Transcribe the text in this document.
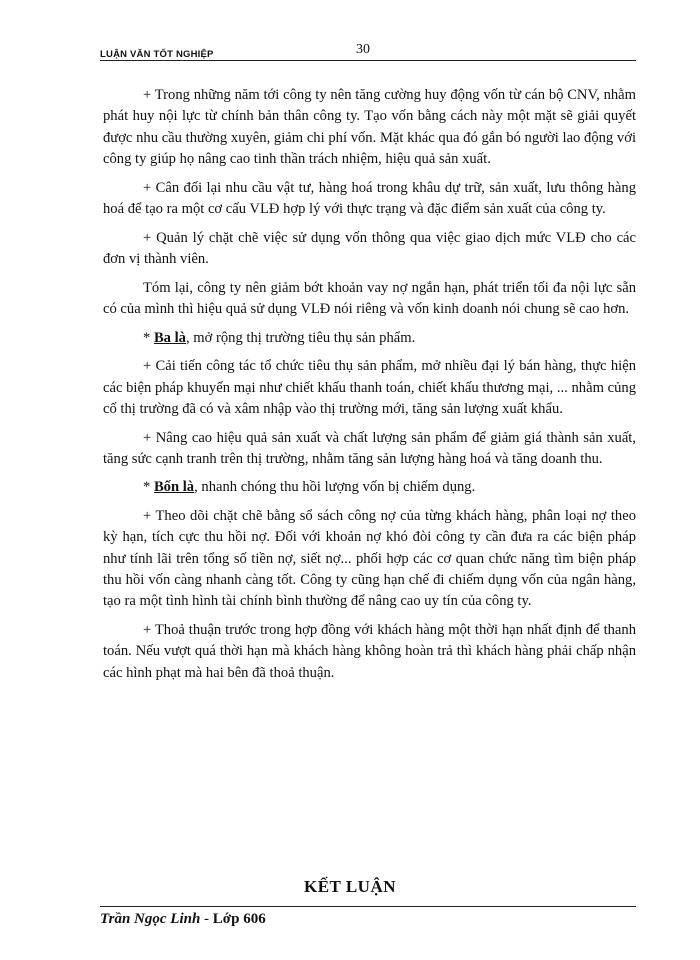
LUẬN VĂN TỐT NGHIỆP	30

+ Trong những năm tới công ty nên tăng cường huy động vốn từ cán bộ CNV, nhằm phát huy nội lực từ chính bản thân công ty. Tạo vốn bằng cách này một mặt sẽ giải quyết được nhu cầu thường xuyên, giảm chi phí vốn. Mặt khác qua đó gắn bó người lao động với công ty giúp họ nâng cao tinh thần trách nhiệm, hiệu quả sản xuất.

+ Cân đối lại nhu cầu vật tư, hàng hoá trong khâu dự trữ, sản xuất, lưu thông hàng hoá để tạo ra một cơ cấu VLĐ hợp lý với thực trạng và đặc điểm sản xuất của công ty.

+ Quản lý chặt chẽ việc sử dụng vốn thông qua việc giao dịch mức VLĐ cho các đơn vị thành viên.

Tóm lại, công ty nên giảm bớt khoản vay nợ ngắn hạn, phát triển tối đa nội lực sẵn có của mình thì hiệu quả sử dụng VLĐ nói riêng và vốn kinh doanh nói chung sẽ cao hơn.

* Ba là, mở rộng thị trường tiêu thụ sản phẩm.

+ Cải tiến công tác tổ chức tiêu thụ sản phẩm, mở nhiều đại lý bán hàng, thực hiện các biện pháp khuyến mại như chiết khấu thanh toán, chiết khấu thương mại, ... nhằm củng cố thị trường đã có và xâm nhập vào thị trường mới, tăng sản lượng xuất khẩu.

+ Nâng cao hiệu quả sản xuất và chất lượng sản phẩm để giảm giá thành sản xuất, tăng sức cạnh tranh trên thị trường, nhằm tăng sản lượng hàng hoá và tăng doanh thu.

* Bốn là, nhanh chóng thu hồi lượng vốn bị chiếm dụng.

+ Theo dõi chặt chẽ bằng sổ sách công nợ của từng khách hàng, phân loại nợ theo kỳ hạn, tích cực thu hồi nợ. Đối với khoản nợ khó đòi công ty cần đưa ra các biện pháp như tính lãi trên tổng số tiền nợ, siết nợ... phối hợp các cơ quan chức năng tìm biện pháp thu hồi vốn càng nhanh càng tốt. Công ty cũng hạn chế đi chiếm dụng vốn của ngân hàng, tạo ra một tình hình tài chính bình thường để nâng cao uy tín của công ty.

+ Thoả thuận trước trong hợp đồng với khách hàng một thời hạn nhất định để thanh toán. Nếu vượt quá thời hạn mà khách hàng không hoàn trả thì khách hàng phải chấp nhận các hình phạt mà hai bên đã thoả thuận.

KẾT LUẬN
Trần Ngọc Linh - Lớp 606
